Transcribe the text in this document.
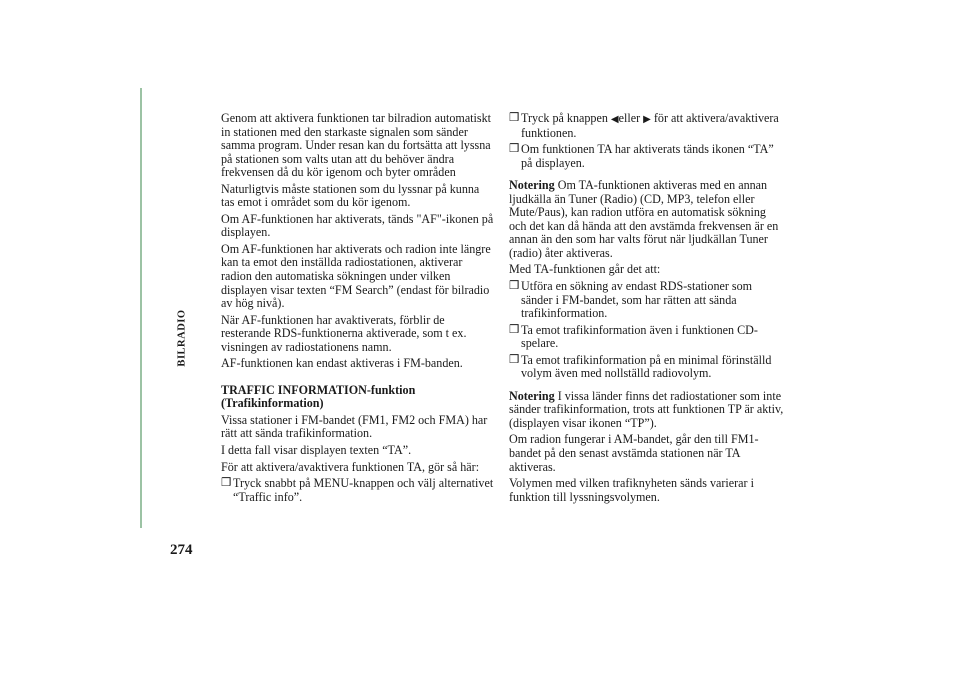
BILRADIO
274

Genom att aktivera funktionen tar bilradion automatiskt in stationen med den starkaste signalen som sänder samma program. Under resan kan du fortsätta att lyssna på stationen som valts utan att du behöver ändra frekvensen då du kör igenom och byter områden

Naturligtvis måste stationen som du lyssnar på kunna tas emot i området som du kör igenom.

Om AF-funktionen har aktiverats, tänds "AF"-ikonen på displayen.

Om AF-funktionen har aktiverats och radion inte längre kan ta emot den inställda radiostationen, aktiverar radion den automatiska sökningen under vilken displayen visar texten “FM Search” (endast för bilradio av hög nivå).

När AF-funktionen har avaktiverats, förblir de resterande RDS-funktionerna aktiverade, som t ex. visningen av radiostationens namn.

AF-funktionen kan endast aktiveras i FM-banden.

TRAFFIC INFORMATION-funktion (Trafikinformation)

Vissa stationer i FM-bandet (FM1, FM2 och FMA) har rätt att sända trafikinformation.

I detta fall visar displayen texten “TA”.

För att aktivera/avaktivera funktionen TA, gör så här:

❒ Tryck snabbt på MENU-knappen och välj alternativet “Traffic info”.
❒ Tryck på knappen ◀eller ▶ för att aktivera/avaktivera funktionen.
❒ Om funktionen TA har aktiverats tänds ikonen “TA” på displayen.

Notering Om TA-funktionen aktiveras med en annan ljudkälla än Tuner (Radio) (CD, MP3, telefon eller Mute/Paus), kan radion utföra en automatisk sökning och det kan då hända att den avstämda frekvensen är en annan än den som har valts förut när ljudkällan Tuner (radio) åter aktiveras.

Med TA-funktionen går det att:

❒ Utföra en sökning av endast RDS-stationer som sänder i FM-bandet, som har rätten att sända trafikinformation.
❒ Ta emot trafikinformation även i funktionen CD-spelare.
❒ Ta emot trafikinformation på en minimal förinställd volym även med nollställd radiovolym.

Notering I vissa länder finns det radiostationer som inte sänder trafikinformation, trots att funktionen TP är aktiv, (displayen visar ikonen “TP”).

Om radion fungerar i AM-bandet, går den till FM1-bandet på den senast avstämda stationen när TA aktiveras.

Volymen med vilken trafiknyheten sänds varierar i funktion till lyssningsvolymen.
